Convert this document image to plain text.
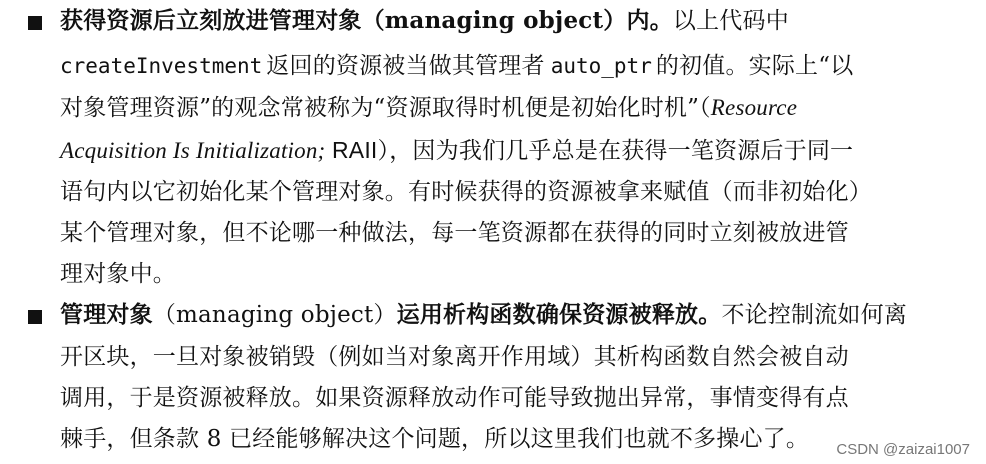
获得资源后立刻放进管理对象（managing object）内。以上代码中
createInvestment 返回的资源被当做其管理者 auto_ptr 的初值。实际上“以
对象管理资源”的观念常被称为“资源取得时机便是初始化时机”（Resource
Acquisition Is Initialization; RAII），因为我们几乎总是在获得一笔资源后于同一
语句内以它初始化某个管理对象。有时候获得的资源被拿来赋值（而非初始化）
某个管理对象，但不论哪一种做法，每一笔资源都在获得的同时立刻被放进管
理对象中。
管理对象（managing object）运用析构函数确保资源被释放。不论控制流如何离
开区块，一旦对象被销毁（例如当对象离开作用域）其析构函数自然会被自动
调用，于是资源被释放。如果资源释放动作可能导致抛出异常，事情变得有点
棘手，但条款 8 已经能够解决这个问题，所以这里我们也就不多操心了。 CSDN @zaizai1007
